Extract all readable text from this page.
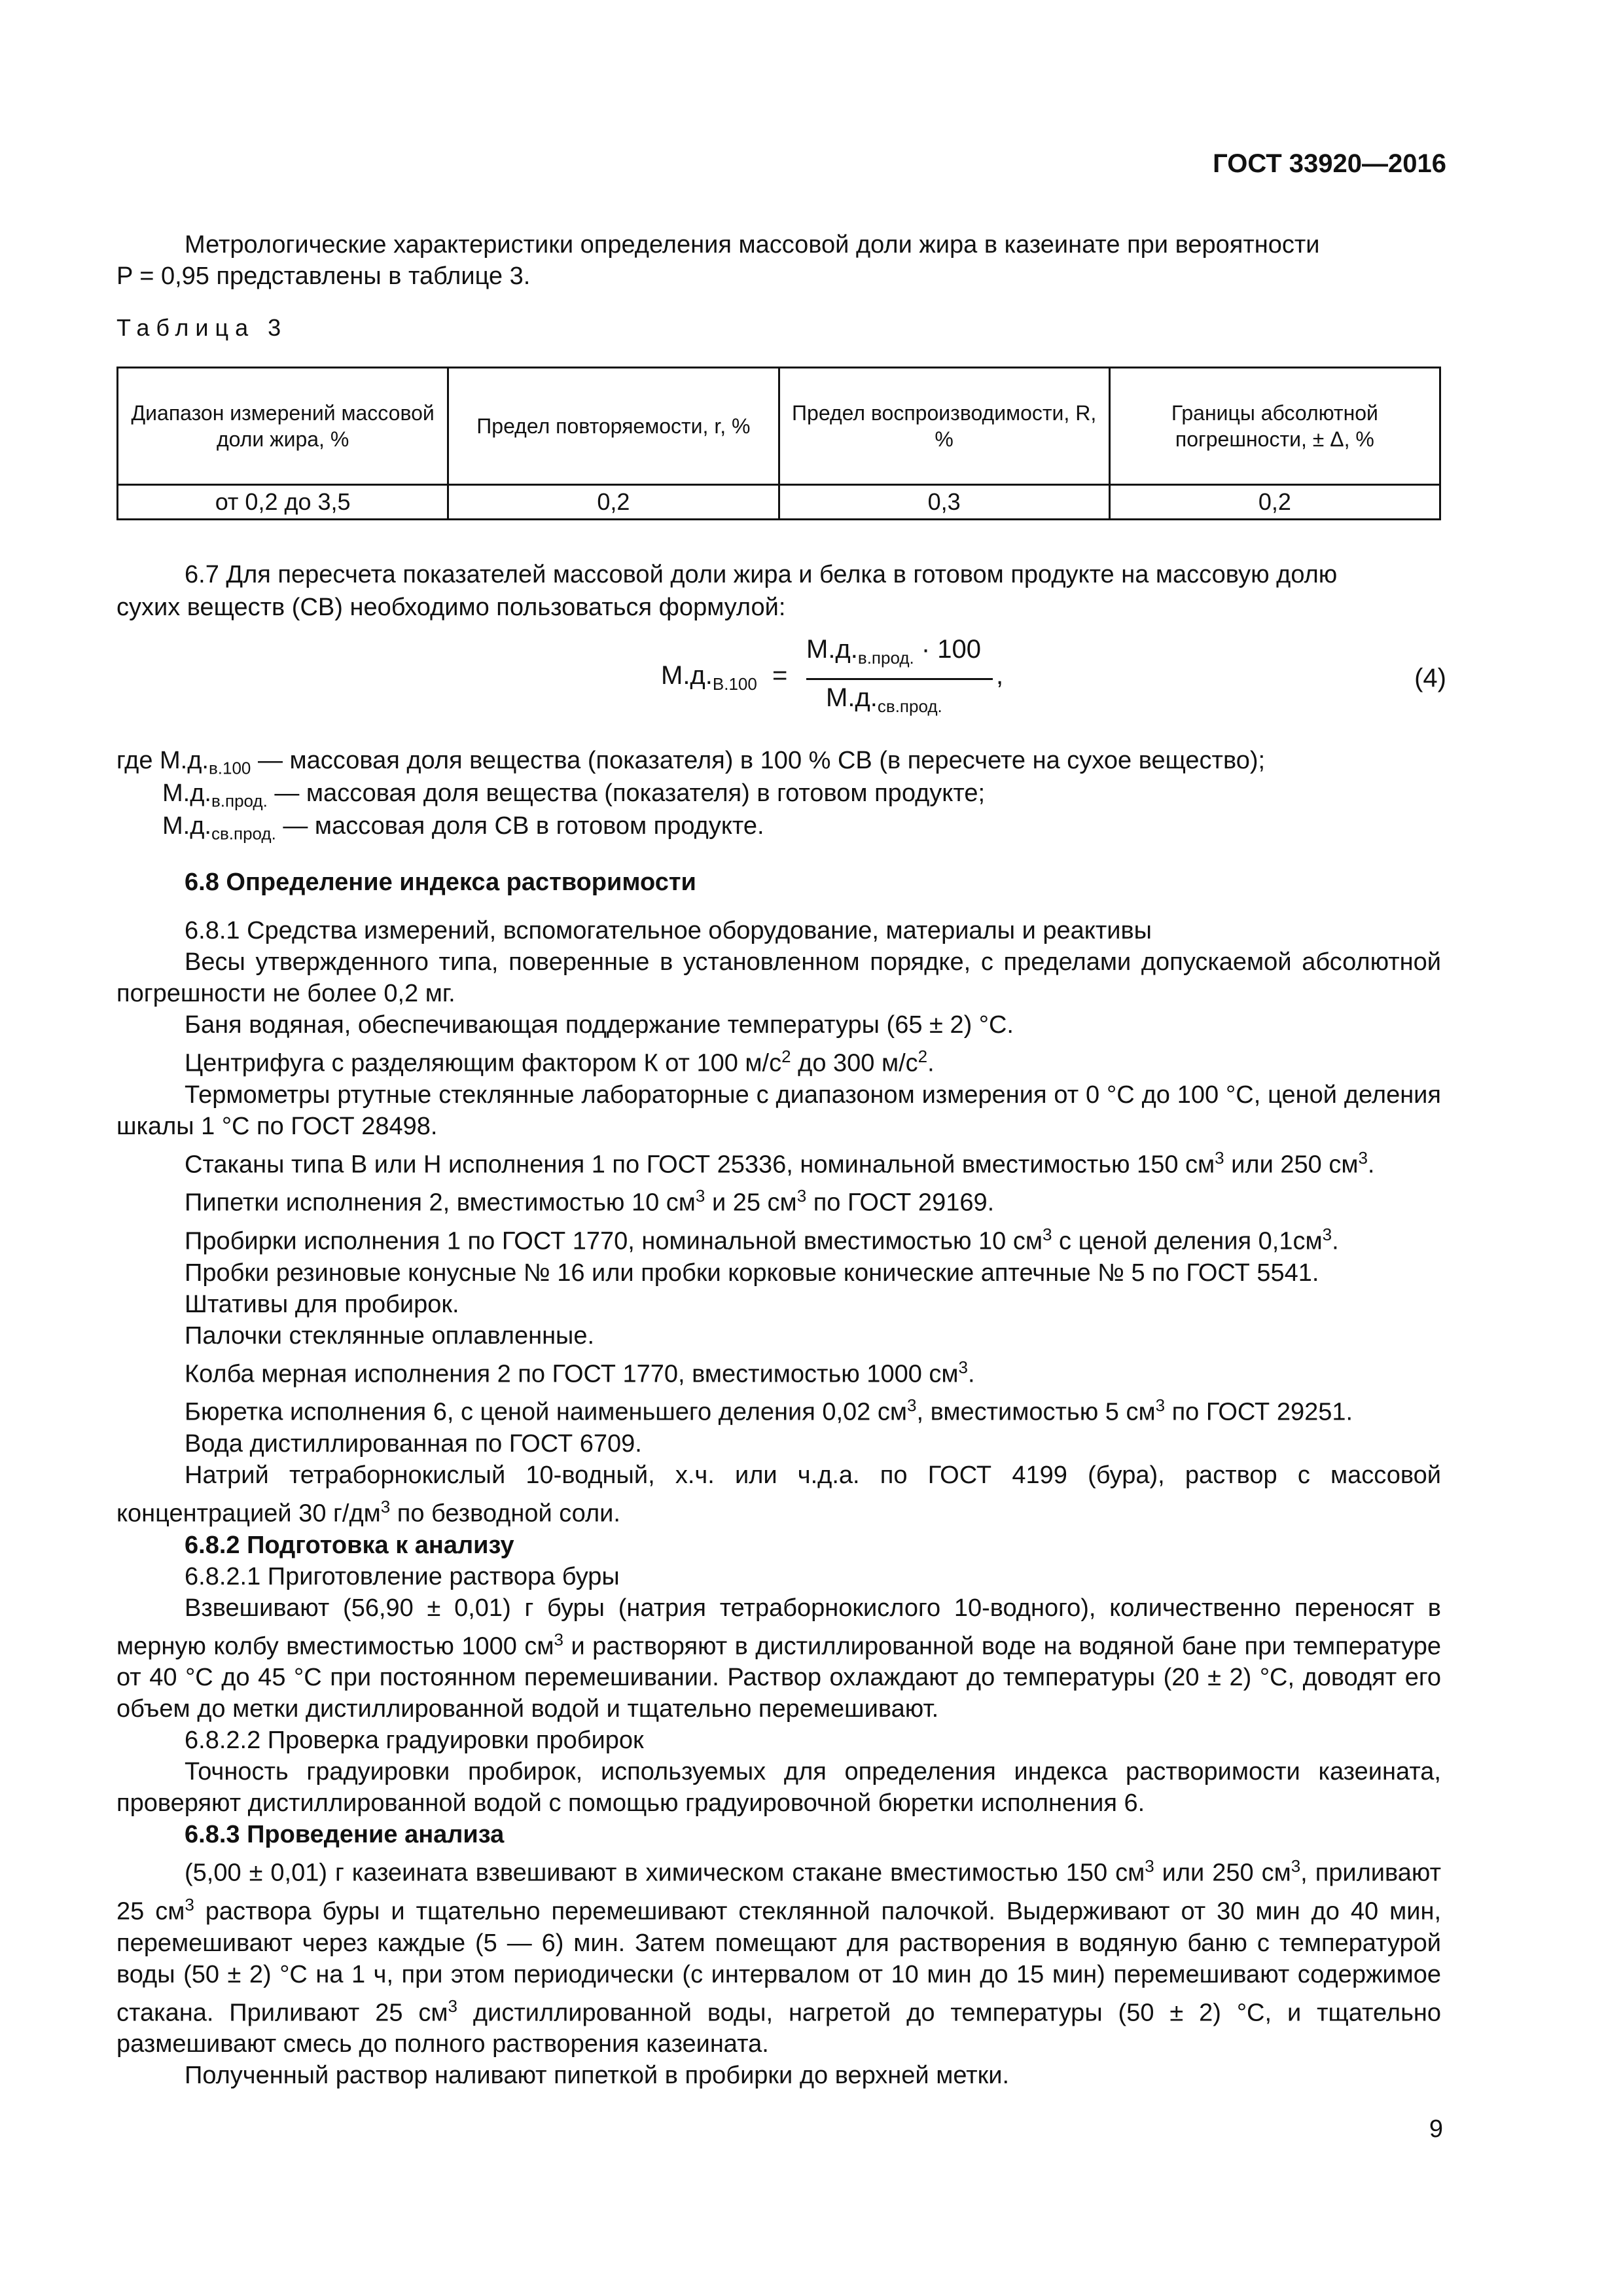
ГОСТ 33920—2016
Метрологические характеристики определения массовой доли жира в казеинате при вероятности
P = 0,95 представлены в таблице 3.
Таблица 3
Диапазон измерений массовой доли жира, %	Предел повторяемости, r, %	Предел воспроизводимости, R, %	Границы абсолютной погрешности, ± Δ, %
от 0,2 до 3,5	0,2	0,3	0,2
6.7 Для пересчета показателей массовой доли жира и белка в готовом продукте на массовую долю
сухих веществ (СВ) необходимо пользоваться формулой:
$М.д._{В.100}$ =
$М.д._{в.прод.} \cdot 100$
$М.д._{св.прод.}$
,	(4)
где $М.д._{в.100}$ — массовая доля вещества (показателя) в 100 % СВ (в пересчете на сухое вещество);
$М.д._{в.прод.}$ — массовая доля вещества (показателя) в готовом продукте;
$М.д._{св.прод.}$ — массовая доля СВ в готовом продукте.
6.8 Определение индекса растворимости
6.8.1 Средства измерений, вспомогательное оборудование, материалы и реактивы
Весы утвержденного типа, поверенные в установленном порядке, с пределами допускаемой абсолютной погрешности не более 0,2 мг.
Баня водяная, обеспечивающая поддержание температуры (65 ± 2) °С.
Центрифуга с разделяющим фактором К от 100 $м/с^2$ до 300 $м/с^2$.
Термометры ртутные стеклянные лабораторные с диапазоном измерения от 0 °С до 100 °С, ценой деления шкалы 1 °С по ГОСТ 28498.
Стаканы типа В или Н исполнения 1 по ГОСТ 25336, номинальной вместимостью 150 $см^3$ или 250 $см^3$.
Пипетки исполнения 2, вместимостью 10 $см^3$ и 25 $см^3$ по ГОСТ 29169.
Пробирки исполнения 1 по ГОСТ 1770, номинальной вместимостью 10 $см^3$ с ценой деления $0,1см^3$.
Пробки резиновые конусные № 16 или пробки корковые конические аптечные № 5 по ГОСТ 5541.
Штативы для пробирок.
Палочки стеклянные оплавленные.
Колба мерная исполнения 2 по ГОСТ 1770, вместимостью 1000 $см^3$.
Бюретка исполнения 6, с ценой наименьшего деления 0,02 $см^3$, вместимостью 5 $см^3$ по ГОСТ 29251.
Вода дистиллированная по ГОСТ 6709.
Натрий тетраборнокислый 10-водный, х.ч. или ч.д.а. по ГОСТ 4199 (бура), раствор с массовой концентрацией 30 $г/дм^3$ по безводной соли.
6.8.2 Подготовка к анализу
6.8.2.1 Приготовление раствора буры
Взвешивают (56,90 ± 0,01) г буры (натрия тетраборнокислого 10-водного), количественно переносят в мерную колбу вместимостью 1000 $см^3$ и растворяют в дистиллированной воде на водяной бане при температуре от 40 °С до 45 °С при постоянном перемешивании. Раствор охлаждают до температуры (20 ± 2) °С, доводят его объем до метки дистиллированной водой и тщательно перемешивают.
6.8.2.2 Проверка градуировки пробирок
Точность градуировки пробирок, используемых для определения индекса растворимости казеината, проверяют дистиллированной водой с помощью градуировочной бюретки исполнения 6.
6.8.3 Проведение анализа
(5,00 ± 0,01) г казеината взвешивают в химическом стакане вместимостью 150 $см^3$ или 250 $см^3$, приливают 25 $см^3$ раствора буры и тщательно перемешивают стеклянной палочкой. Выдерживают от 30 мин до 40 мин, перемешивают через каждые (5 — 6) мин. Затем помещают для растворения в водяную баню с температурой воды (50 ± 2) °С на 1 ч, при этом периодически (с интервалом от 10 мин до 15 мин) перемешивают содержимое стакана. Приливают 25 $см^3$ дистиллированной воды, нагретой до температуры (50 ± 2) °С, и тщательно размешивают смесь до полного растворения казеината.
Полученный раствор наливают пипеткой в пробирки до верхней метки.
9
